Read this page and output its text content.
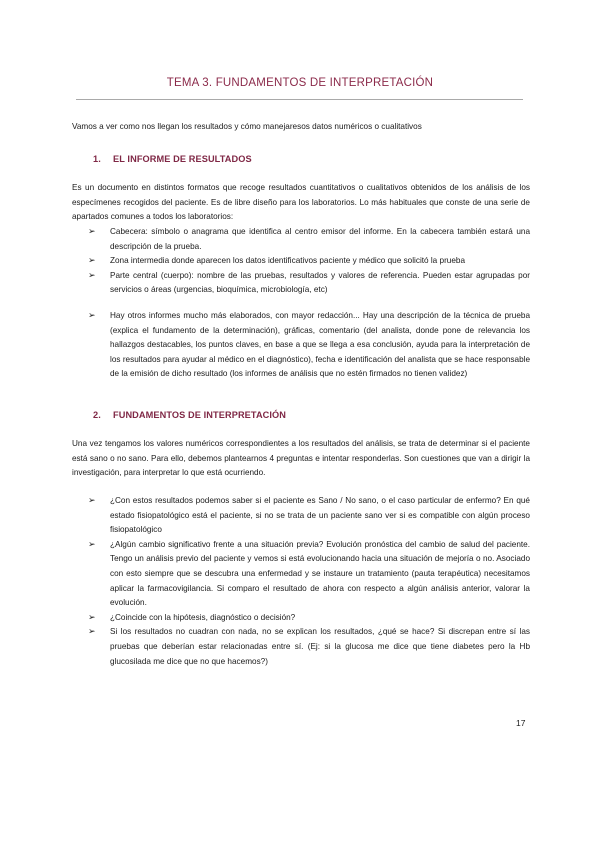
TEMA 3. FUNDAMENTOS DE INTERPRETACIÓN
Vamos a ver como nos llegan los resultados y cómo manejaresos datos numéricos o cualitativos
1. EL INFORME DE RESULTADOS

Es un documento en distintos formatos que recoge resultados cuantitativos o cualitativos obtenidos de los análisis de los especímenes recogidos del paciente. Es de libre diseño para los laboratorios. Lo más habituales que conste de una serie de apartados comunes a todos los laboratorios:

➢ Cabecera: símbolo o anagrama que identifica al centro emisor del informe. En la cabecera también estará una descripción de la prueba.
➢ Zona intermedia donde aparecen los datos identificativos paciente y médico que solicitó la prueba
➢ Parte central (cuerpo): nombre de las pruebas, resultados y valores de referencia. Pueden estar agrupadas por servicios o áreas (urgencias, bioquímica, microbiología, etc)
➢ Hay otros informes mucho más elaborados, con mayor redacción... Hay una descripción de la técnica de prueba (explica el fundamento de la determinación), gráficas, comentario (del analista, donde pone de relevancia los hallazgos destacables, los puntos claves, en base a que se llega a esa conclusión, ayuda para la interpretación de los resultados para ayudar al médico en el diagnóstico), fecha e identificación del analista que se hace responsable de la emisión de dicho resultado (los informes de análisis que no estén firmados no tienen validez)
2. FUNDAMENTOS DE INTERPRETACIÓN

Una vez tengamos los valores numéricos correspondientes a los resultados del análisis, se trata de determinar si el paciente está sano o no sano. Para ello, debemos plantearnos 4 preguntas e intentar responderlas. Son cuestiones que van a dirigir la investigación, para interpretar lo que está ocurriendo.

➢ ¿Con estos resultados podemos saber si el paciente es Sano / No sano, o el caso particular de enfermo? En qué estado fisiopatológico está el paciente, si no se trata de un paciente sano ver si es compatible con algún proceso fisiopatológico
➢ ¿Algún cambio significativo frente a una situación previa? Evolución pronóstica del cambio de salud del paciente. Tengo un análisis previo del paciente y vemos si está evolucionando hacia una situación de mejoría o no. Asociado con esto siempre que se descubra una enfermedad y se instaure un tratamiento (pauta terapéutica) necesitamos aplicar la farmacovigilancia. Si comparo el resultado de ahora con respecto a algún análisis anterior, valorar la evolución.
➢ ¿Coincide con la hipótesis, diagnóstico o decisión?
➢ Si los resultados no cuadran con nada, no se explican los resultados, ¿qué se hace? Si discrepan entre sí las pruebas que deberían estar relacionadas entre sí. (Ej: si la glucosa me dice que tiene diabetes pero la Hb glucosilada me dice que no que hacemos?)
17
